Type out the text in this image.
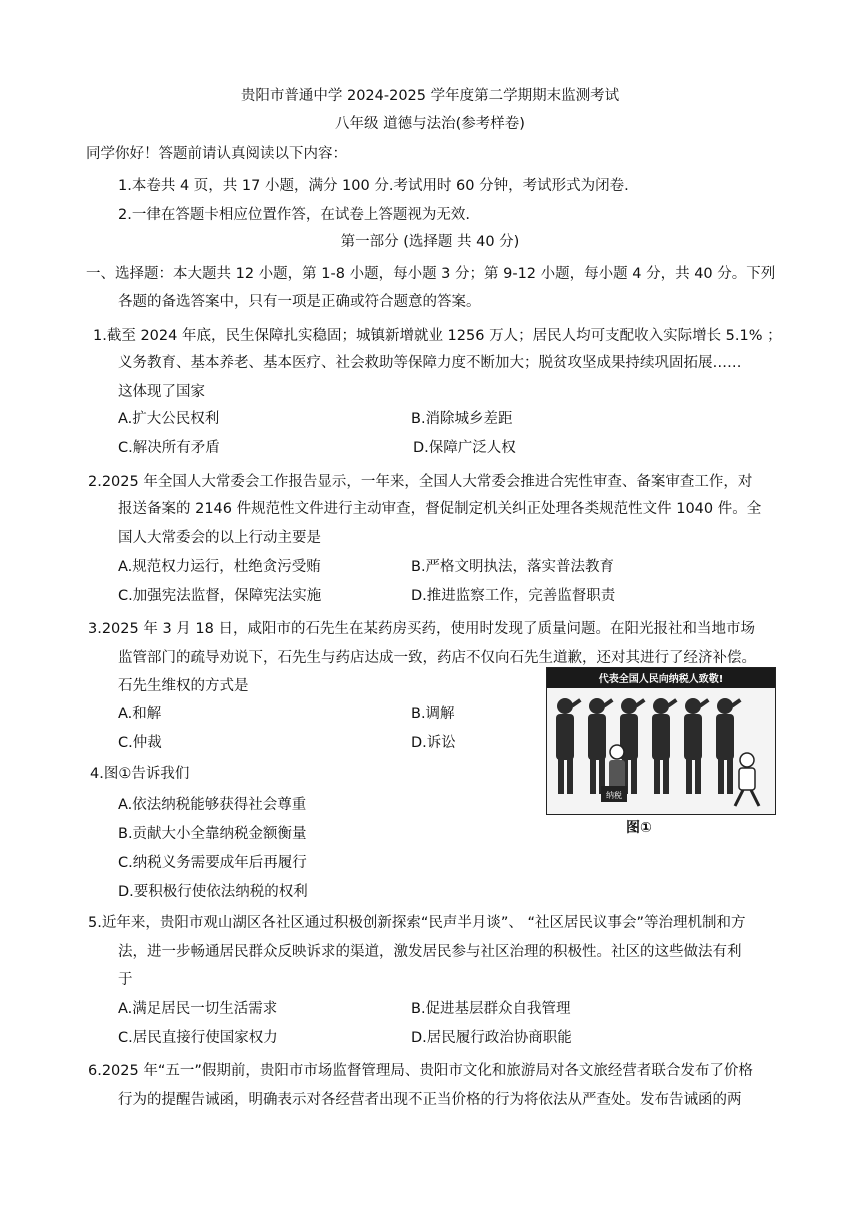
贵阳市普通中学 2024-2025 学年度第二学期期末监测考试
八年级 道德与法治(参考样卷)
同学你好！答题前请认真阅读以下内容：
1.本卷共 4 页，共 17 小题，满分 100 分.考试用时 60 分钟，考试形式为闭卷.
2.一律在答题卡相应位置作答，在试卷上答题视为无效.
第一部分 (选择题 共 40 分)
一、选择题：本大题共 12 小题，第 1-8 小题，每小题 3 分；第 9-12 小题，每小题 4 分，共 40 分。下列
各题的备选答案中，只有一项是正确或符合题意的答案。
1.截至 2024 年底，民生保障扎实稳固；城镇新增就业 1256 万人；居民人均可支配收入实际增长 5.1% ；
义务教育、基本养老、基本医疗、社会救助等保障力度不断加大；脱贫攻坚成果持续巩固拓展……
这体现了国家
A.扩大公民权利	B.消除城乡差距
C.解决所有矛盾	D.保障广泛人权
2.2025 年全国人大常委会工作报告显示，一年来，全国人大常委会推进合宪性审查、备案审查工作，对
报送备案的 2146 件规范性文件进行主动审查，督促制定机关纠正处理各类规范性文件 1040 件。全
国人大常委会的以上行动主要是
A.规范权力运行，杜绝贪污受贿	B.严格文明执法，落实普法教育
C.加强宪法监督，保障宪法实施	D.推进监察工作，完善监督职责
3.2025 年 3 月 18 日，咸阳市的石先生在某药房买药，使用时发现了质量问题。在阳光报社和当地市场
监管部门的疏导劝说下，石先生与药店达成一致，药店不仅向石先生道歉，还对其进行了经济补偿。
石先生维权的方式是
A.和解	B.调解
C.仲裁	D.诉讼
4.图①告诉我们
A.依法纳税能够获得社会尊重
B.贡献大小全靠纳税金额衡量
C.纳税义务需要成年后再履行
D.要积极行使依法纳税的权利
代表全国人民向纳税人致敬!
纳税
图①
5.近年来，贵阳市观山湖区各社区通过积极创新探索“民声半月谈”、 “社区居民议事会”等治理机制和方
法，进一步畅通居民群众反映诉求的渠道，激发居民参与社区治理的积极性。社区的这些做法有利
于
A.满足居民一切生活需求	B.促进基层群众自我管理
C.居民直接行使国家权力	D.居民履行政治协商职能
6.2025 年“五一”假期前，贵阳市市场监督管理局、贵阳市文化和旅游局对各文旅经营者联合发布了价格
行为的提醒告诫函，明确表示对各经营者出现不正当价格的行为将依法从严查处。发布告诫函的两
